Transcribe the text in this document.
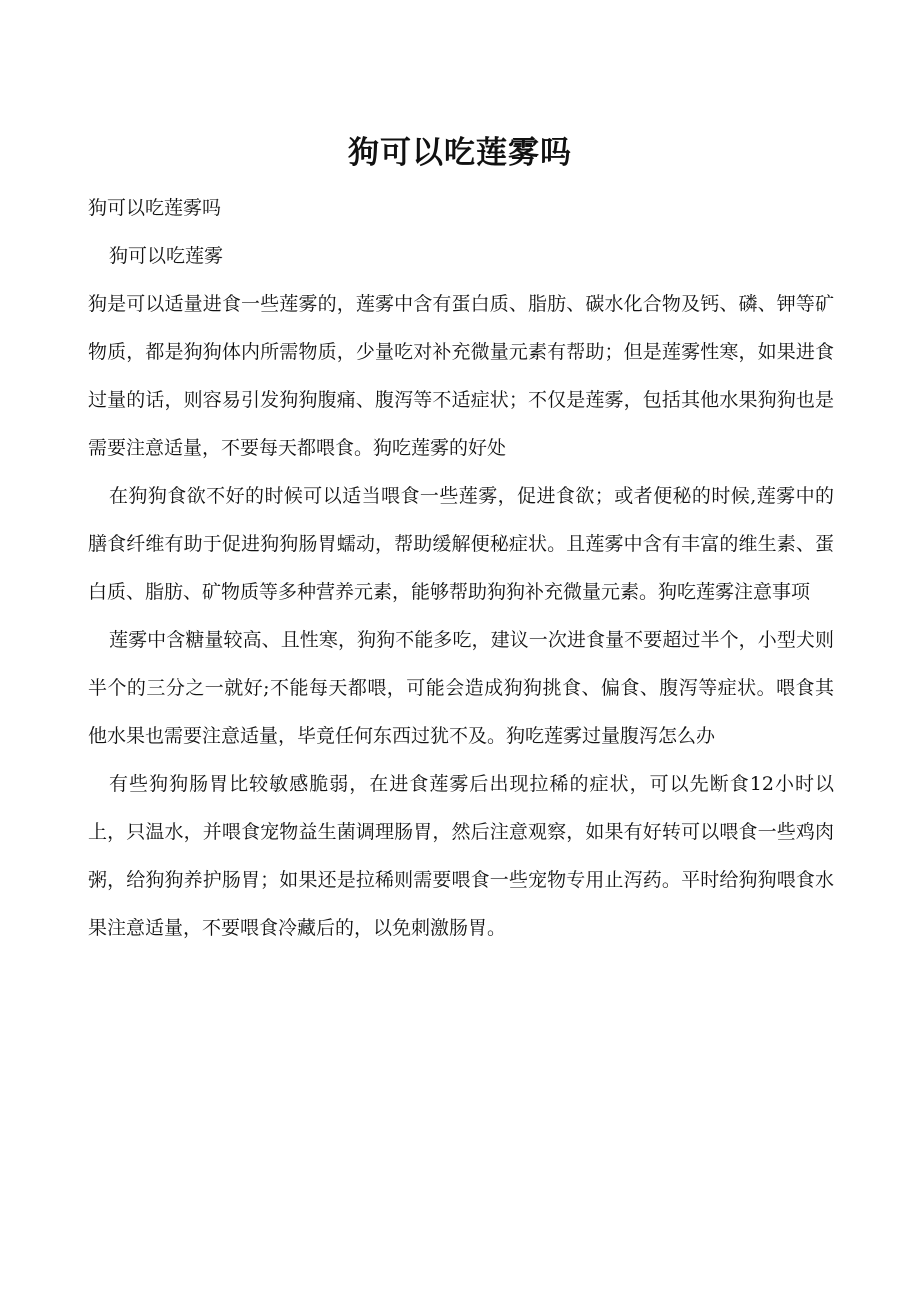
狗可以吃莲雾吗

狗可以吃莲雾吗

狗可以吃莲雾

狗是可以适量进食一些莲雾的，莲雾中含有蛋白质、脂肪、碳水化合物及钙、磷、钾等矿物质，都是狗狗体内所需物质，少量吃对补充微量元素有帮助；但是莲雾性寒，如果进食过量的话，则容易引发狗狗腹痛、腹泻等不适症状；不仅是莲雾，包括其他水果狗狗也是需要注意适量，不要每天都喂食。狗吃莲雾的好处

在狗狗食欲不好的时候可以适当喂食一些莲雾，促进食欲；或者便秘的时候,莲雾中的膳食纤维有助于促进狗狗肠胃蠕动，帮助缓解便秘症状。且莲雾中含有丰富的维生素、蛋白质、脂肪、矿物质等多种营养元素，能够帮助狗狗补充微量元素。狗吃莲雾注意事项

莲雾中含糖量较高、且性寒，狗狗不能多吃，建议一次进食量不要超过半个，小型犬则半个的三分之一就好;不能每天都喂，可能会造成狗狗挑食、偏食、腹泻等症状。喂食其他水果也需要注意适量，毕竟任何东西过犹不及。狗吃莲雾过量腹泻怎么办

有些狗狗肠胃比较敏感脆弱，在进食莲雾后出现拉稀的症状，可以先断食12小时以上，只温水，并喂食宠物益生菌调理肠胃，然后注意观察，如果有好转可以喂食一些鸡肉粥，给狗狗养护肠胃；如果还是拉稀则需要喂食一些宠物专用止泻药。平时给狗狗喂食水果注意适量，不要喂食冷藏后的，以免刺激肠胃。
